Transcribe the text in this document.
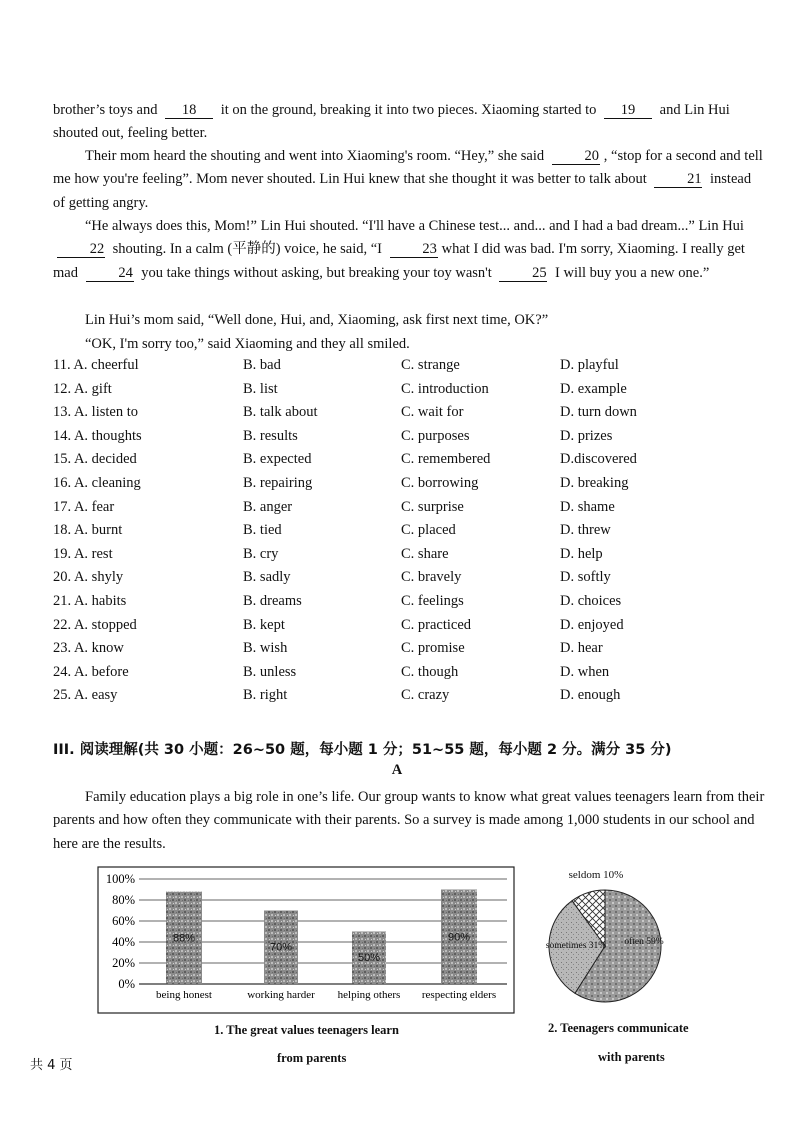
brother’s toys and 18 it on the ground, breaking it into two pieces. Xiaoming started to 19 and Lin Hui shouted out, feeling better.

Their mom heard the shouting and went into Xiaoming's room. “Hey,” she said	20 , “stop for a second and tell me how you're feeling”. Mom never shouted. Lin Hui knew that she thought it was better to talk about	21 instead of getting angry.

“He always does this, Mom!” Lin Hui shouted. “I'll have a Chinese test... and... and I had a bad dream...” Lin Hui 22 shouting. In a calm (平静的) voice, he said, “I	23 what I did was bad. I'm sorry, Xiaoming. I really get mad	24 you take things without asking, but breaking your toy wasn't	25 I will buy you a new one.”

Lin Hui’s mom said, “Well done, Hui, and, Xiaoming, ask first next time, OK?”

“OK, I'm sorry too,” said Xiaoming and they all smiled.

11. A. cheerful	B. bad	C. strange	D. playful
12. A. gift	B. list	C. introduction	D. example
13. A. listen to	B. talk about	C. wait for	D. turn down
14. A. thoughts	B. results	C. purposes	D. prizes
15. A. decided	B. expected	C. remembered	D.discovered
16. A. cleaning	B. repairing	C. borrowing	D. breaking
17. A. fear	B. anger	C. surprise	D. shame
18. A. burnt	B. tied	C. placed	D. threw
19. A. rest	B. cry	C. share	D. help
20. A. shyly	B. sadly	C. bravely	D. softly
21. A. habits	B. dreams	C. feelings	D. choices
22. A. stopped	B. kept	C. practiced	D. enjoyed
23. A. know	B. wish	C. promise	D. hear
24. A. before	B. unless	C. though	D. when
25. A. easy	B. right	C. crazy	D. enough
III. 阅读理解(共 30 小题：26~50 题，每小题 1 分；51~55 题，每小题 2 分。满分 35 分)
A

Family education plays a big role in one’s life. Our group wants to know what great values teenagers learn from their parents and how often they communicate with their parents. So a survey is made among 1,000 students in our school and here are the results.

0%
20%
40%
60%
80%
100%
88%
being honest
70%
working harder
50%
helping others
90%
respecting elders
1. The great values teenagers learn
from parents
often 59%
sometimes 31%
seldom 10%
2. Teenagers communicate
with parents
共 4 页
